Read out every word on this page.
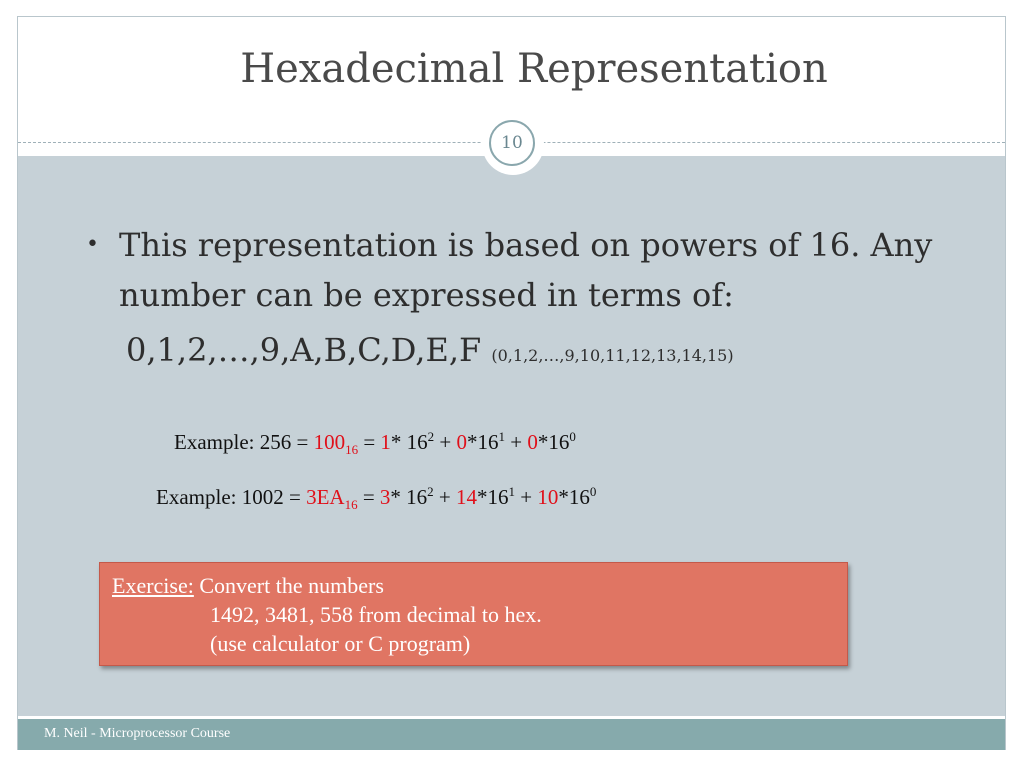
Hexadecimal Representation
10
• This representation is based on powers of 16. Any number can be expressed in terms of:
0,1,2,…,9,A,B,C,D,E,F (0,1,2,…,9,10,11,12,13,14,15)
Example: $256 = 100_{16} = 1*$ $16^2 + 0*16^1 + 0*16^0$
Example: $1002 = 3EA_{16} = 3*$ $16^2 + 14*16^1 + 10*16^0$
Exercise: Convert the numbers
1492, 3481, 558 from decimal to hex.
(use calculator or C program)
M. Neil - Microprocessor Course
